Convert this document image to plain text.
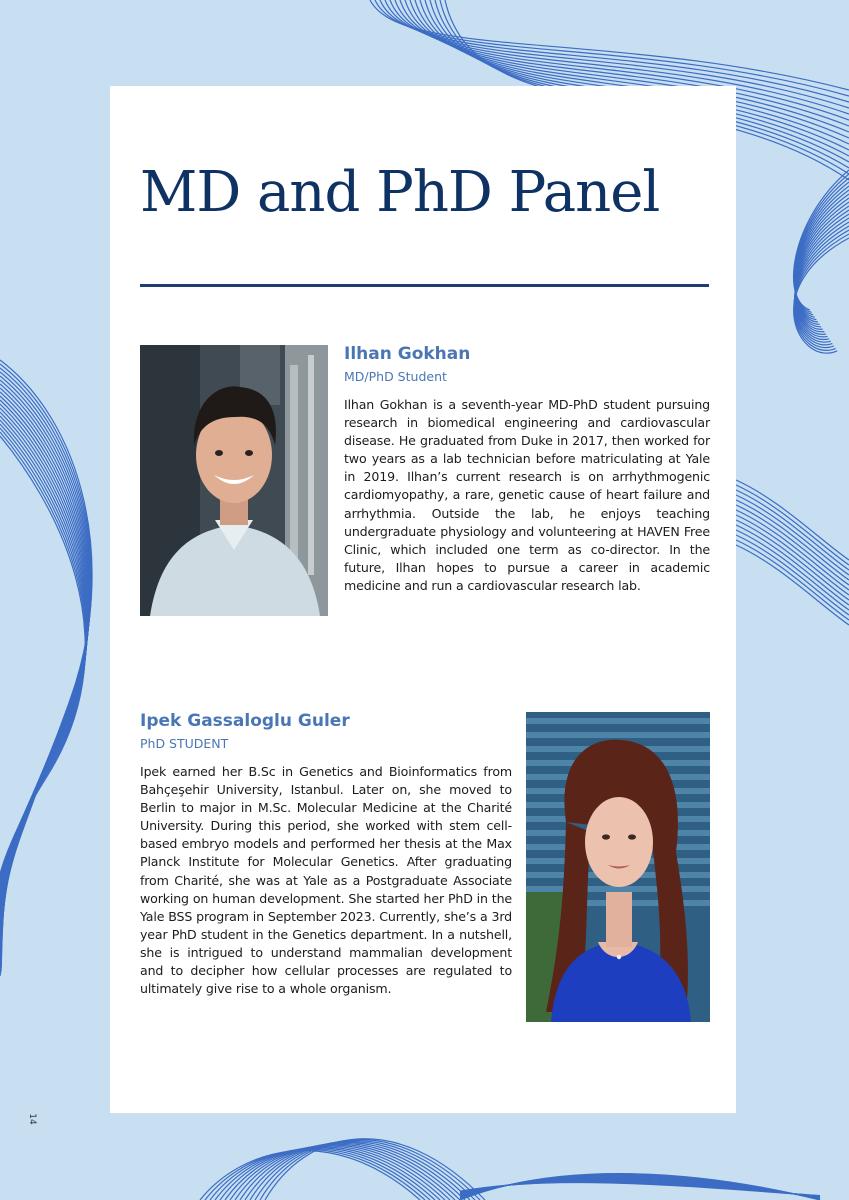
MD and PhD Panel
Ilhan Gokhan
MD/PhD Student

Ilhan Gokhan is a seventh-year MD-PhD student pursuing research in biomedical engineering and cardiovascular disease. He graduated from Duke in 2017, then worked for two years as a lab technician before matriculating at Yale in 2019. Ilhan’s current research is on arrhythmogenic cardiomyopathy, a rare, genetic cause of heart failure and arrhythmia. Outside the lab, he enjoys teaching undergraduate physiology and volunteering at HAVEN Free Clinic, which included one term as co-director. In the future, Ilhan hopes to pursue a career in academic medicine and run a cardiovascular research lab.

Ipek Gassaloglu Guler
PhD STUDENT

Ipek earned her B.Sc in Genetics and Bioinformatics from Bahçeşehir University, Istanbul. Later on, she moved to Berlin to major in M.Sc. Molecular Medicine at the Charité University. During this period, she worked with stem cell-based embryo models and performed her thesis at the Max Planck Institute for Molecular Genetics. After graduating from Charité, she was at Yale as a Postgraduate Associate working on human development. She started her PhD in the Yale BSS program in September 2023. Currently, she’s a 3rd year PhD student in the Genetics department. In a nutshell, she is intrigued to understand mammalian development and to decipher how cellular processes are regulated to ultimately give rise to a whole organism.

14
